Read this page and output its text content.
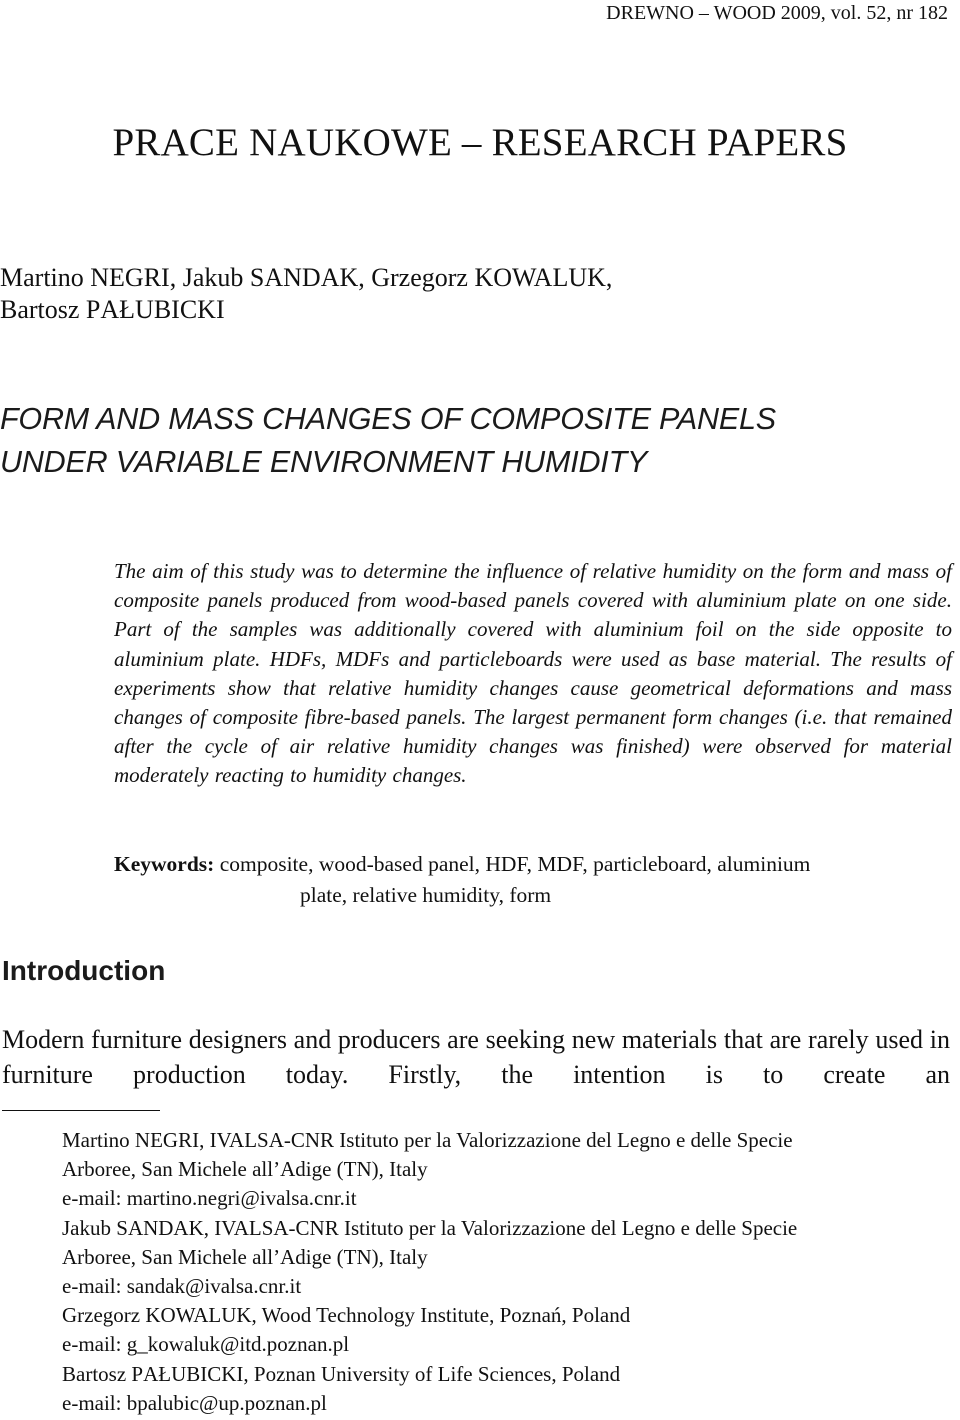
DREWNO – WOOD 2009, vol. 52, nr 182
PRACE NAUKOWE – RESEARCH PAPERS
Martino NEGRI, Jakub SANDAK, Grzegorz KOWALUK,
Bartosz PAŁUBICKI
FORM AND MASS CHANGES OF COMPOSITE PANELS
UNDER VARIABLE ENVIRONMENT HUMIDITY
The aim of this study was to determine the influence of relative humidity on the form and mass of composite panels produced from wood-based panels covered with aluminium plate on one side. Part of the samples was additionally covered with aluminium foil on the side opposite to aluminium plate. HDFs, MDFs and particleboards were used as base material. The results of experiments show that relative humidity changes cause geometrical deformations and mass changes of composite fibre-based panels. The largest permanent form changes (i.e. that remained after the cycle of air relative humidity changes was finished) were observed for material moderately reacting to humidity changes.
Keywords: composite, wood-based panel, HDF, MDF, particleboard, aluminium
plate, relative humidity, form
Introduction
Modern furniture designers and producers are seeking new materials that are rarely used in furniture production today. Firstly, the intention is to create an
Martino NEGRI, IVALSA-CNR Istituto per la Valorizzazione del Legno e delle Specie
Arboree, San Michele all’Adige (TN), Italy
e-mail: martino.negri@ivalsa.cnr.it
Jakub SANDAK, IVALSA-CNR Istituto per la Valorizzazione del Legno e delle Specie
Arboree, San Michele all’Adige (TN), Italy
e-mail: sandak@ivalsa.cnr.it
Grzegorz KOWALUK, Wood Technology Institute, Poznań, Poland
e-mail: g_kowaluk@itd.poznan.pl
Bartosz PAŁUBICKI, Poznan University of Life Sciences, Poland
e-mail: bpalubic@up.poznan.pl
